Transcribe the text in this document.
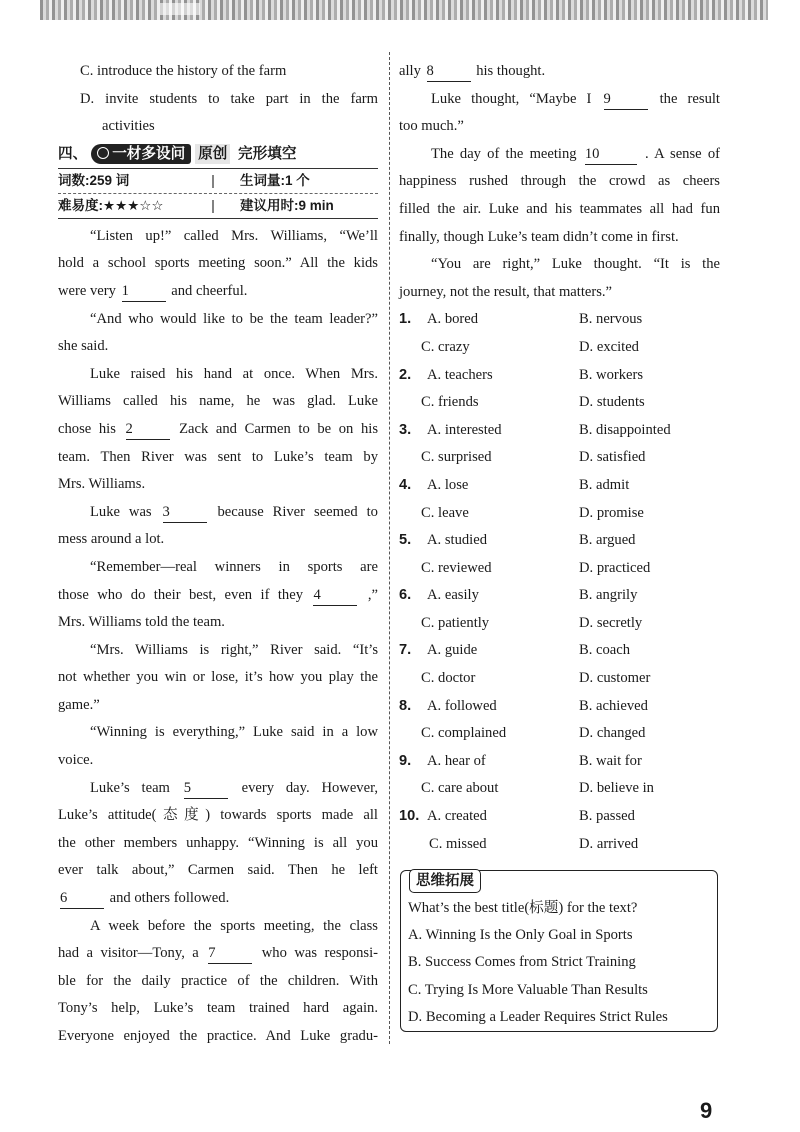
C. introduce the history of the farm
D. invite students to take part in the farm
activities
四、 一材多设问 原创 完形填空
词数:259 词	|	生词量:1 个
难易度:★★★☆☆	|	建议用时:9 min
“Listen up!” called Mrs. Williams, “We’ll
hold a school sports meeting soon.” All the kids
were very 1	and cheerful.
“And who would like to be the team leader?”
she said.
Luke raised his hand at once. When Mrs.
Williams called his name, he was glad. Luke
chose his 2	Zack and Carmen to be on his
team. Then River was sent to Luke’s team by
Mrs. Williams.
Luke was 3	because River seemed to
mess around a lot.
“Remember—real winners in sports are
those who do their best, even if they 4	,”
Mrs. Williams told the team.
“Mrs. Williams is right,” River said. “It’s
not whether you win or lose, it’s how you play the
game.”
“Winning is everything,” Luke said in a low
voice.
Luke’s team 5	every day. However,
Luke’s attitude(态度) towards sports made all
the other members unhappy. “Winning is all you
ever talk about,” Carmen said. Then he left
6	and others followed.
A week before the sports meeting, the class
had a visitor—Tony, a 7	who was responsi-
ble for the daily practice of the children. With
Tony’s help, Luke’s team trained hard again.
Everyone enjoyed the practice. And Luke gradu-
ally 8	his thought.
Luke thought, “Maybe I 9	the result
too much.”
The day of the meeting 10	. A sense of
happiness rushed through the crowd as cheers
filled the air. Luke and his teammates all had fun
finally, though Luke’s team didn’t come in first.
“You are right,” Luke thought. “It is the
journey, not the result, that matters.”
1. A. bored	B. nervous
C. crazy	D. excited
2. A. teachers	B. workers
C. friends	D. students
3. A. interested	B. disappointed
C. surprised	D. satisfied
4. A. lose	B. admit
C. leave	D. promise
5. A. studied	B. argued
C. reviewed	D. practiced
6. A. easily	B. angrily
C. patiently	D. secretly
7. A. guide	B. coach
C. doctor	D. customer
8. A. followed	B. achieved
C. complained	D. changed
9. A. hear of	B. wait for
C. care about	D. believe in
10. A. created	B. passed
C. missed	D. arrived
思维拓展
What’s the best title(标题) for the text?
A. Winning Is the Only Goal in Sports
B. Success Comes from Strict Training
C. Trying Is More Valuable Than Results
D. Becoming a Leader Requires Strict Rules
9
